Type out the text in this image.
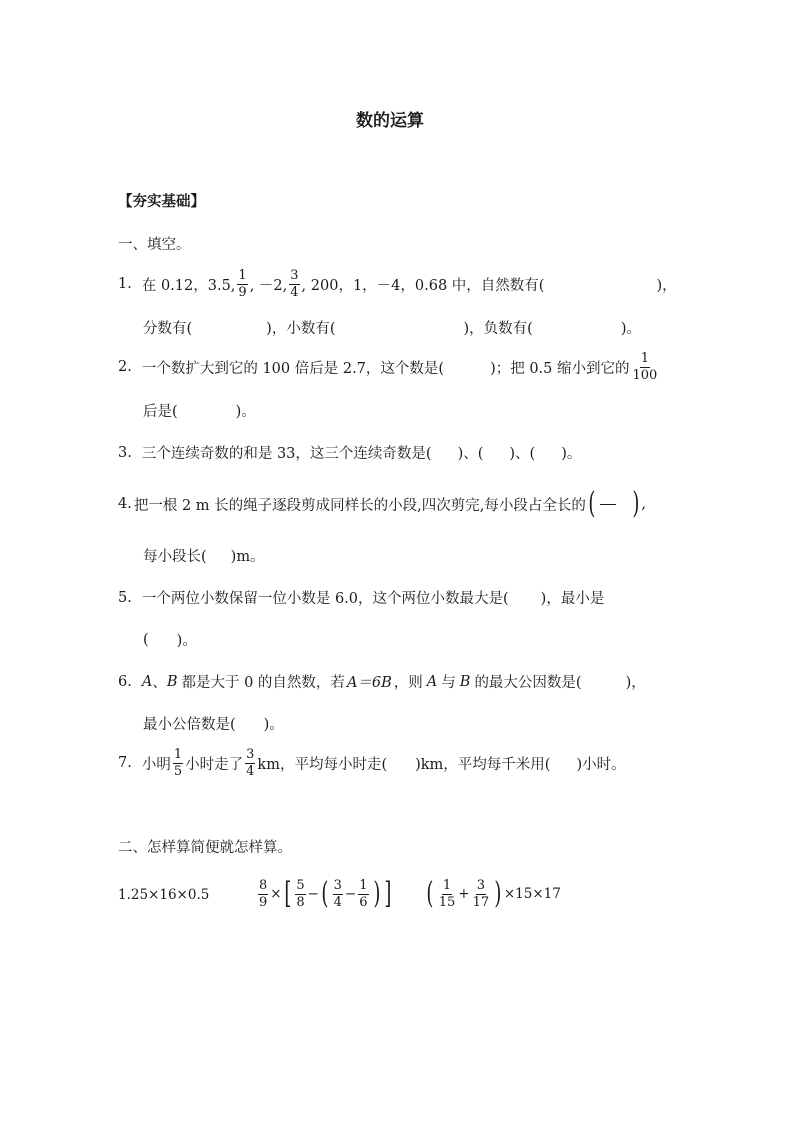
数的运算
【夯实基础】
一、填空。
1. 在 0.12，3.5, $\frac{1}{9}$ , －2, $\frac{3}{4}$ , 200，1，－4，0.68 中，自然数有(	)，
分数有(	)，小数有(	)，负数有(	)。
2. 一个数扩大到它的 100 倍后是 2.7，这个数是(	)；把 0.5 缩小到它的 $\frac{1}{100}$
后是(	)。
3. 三个连续奇数的和是 33，这三个连续奇数是( )、( )、( )。
4. 把一根 2 m 长的绳子逐段剪成同样长的小段,四次剪完,每小段占全长的 ( ) ,
每小段长( )m。
5. 一个两位小数保留一位小数是 6.0，这个两位小数最大是( )，最小是
( )。
6. A 、 B 都是大于 0 的自然数，若 A＝6B ，则 A 与 B 的最大公因数是(	)，
最小公倍数是( )。
7. 小明 $\frac{1}{5}$ 小时走了 $\frac{3}{4}$ km，平均每小时走( )km，平均每千米用( )小时。
二、怎样算简便就怎样算。
1.25×16×0.5	$\frac{8}{9}$ × [ $\frac{5}{8}$ − ( $\frac{3}{4} - \frac{1}{6}$ ) ] ( $\frac{1}{15} + \frac{3}{17}$ ) ×15×17
